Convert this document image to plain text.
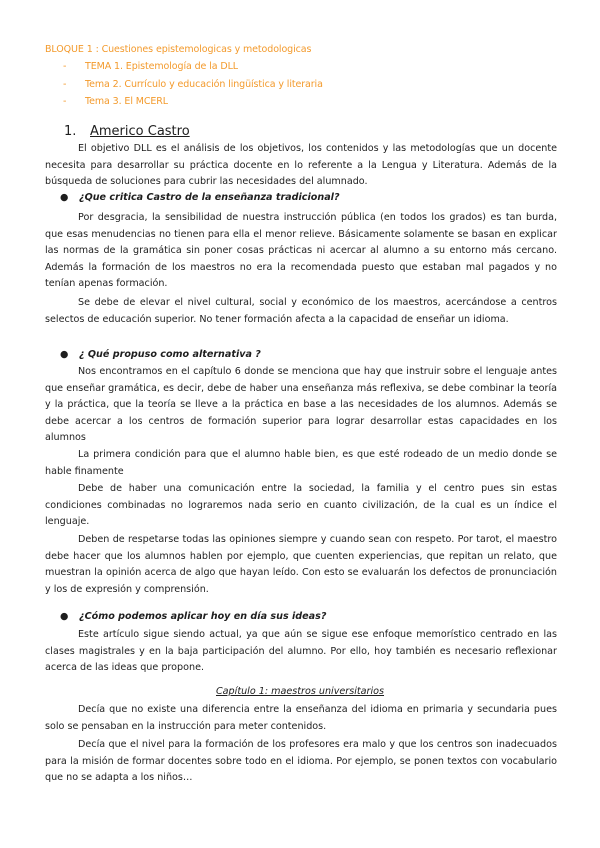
BLOQUE 1 : Cuestiones epistemologicas y metodologicas
- TEMA 1. Epistemología de la DLL
- Tema 2. Currículo y educación lingüística y literaria
- Tema 3. El MCERL
1. Americo Castro
El objetivo DLL es el análisis de los objetivos, los contenidos y las metodologías que un docente necesita para desarrollar su práctica docente en lo referente a la Lengua y Literatura. Además de la búsqueda de soluciones para cubrir las necesidades del alumnado.
● ¿Que critica Castro de la enseñanza tradicional?
Por desgracia, la sensibilidad de nuestra instrucción pública (en todos los grados) es tan burda, que esas menudencias no tienen para ella el menor relieve. Básicamente solamente se basan en explicar las normas de la gramática sin poner cosas prácticas ni acercar al alumno a su entorno más cercano. Además la formación de los maestros no era la recomendada puesto que estaban mal pagados y no tenían apenas formación.
Se debe de elevar el nivel cultural, social y económico de los maestros, acercándose a centros selectos de educación superior. No tener formación afecta a la capacidad de enseñar un idioma.
● ¿ Qué propuso como alternativa ?
Nos encontramos en el capítulo 6 donde se menciona que hay que instruir sobre el lenguaje antes que enseñar gramática, es decir, debe de haber una enseñanza más reflexiva, se debe combinar la teoría y la práctica, que la teoría se lleve a la práctica en base a las necesidades de los alumnos. Además se debe acercar a los centros de formación superior para lograr desarrollar estas capacidades en los alumnos
La primera condición para que el alumno hable bien, es que esté rodeado de un medio donde se hable finamente
Debe de haber una comunicación entre la sociedad, la familia y el centro pues sin estas condiciones combinadas no lograremos nada serio en cuanto civilización, de la cual es un índice el lenguaje.
Deben de respetarse todas las opiniones siempre y cuando sean con respeto. Por tarot, el maestro debe hacer que los alumnos hablen por ejemplo, que cuenten experiencias, que repitan un relato, que muestran la opinión acerca de algo que hayan leído. Con esto se evaluarán los defectos de pronunciación y los de expresión y comprensión.
● ¿Cómo podemos aplicar hoy en día sus ideas?
Este artículo sigue siendo actual, ya que aún se sigue ese enfoque memorístico centrado en las clases magistrales y en la baja participación del alumno. Por ello, hoy también es necesario reflexionar acerca de las ideas que propone.
Capítulo 1: maestros universitarios
Decía que no existe una diferencia entre la enseñanza del idioma en primaria y secundaria pues solo se pensaban en la instrucción para meter contenidos.
Decía que el nivel para la formación de los profesores era malo y que los centros son inadecuados para la misión de formar docentes sobre todo en el idioma. Por ejemplo, se ponen textos con vocabulario que no se adapta a los niños…
